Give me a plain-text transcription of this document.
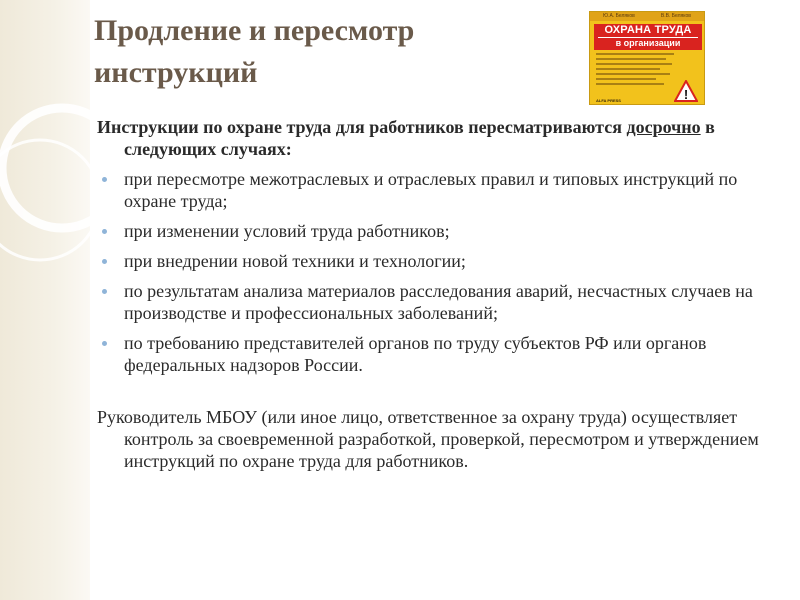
Продление и пересмотр инструкций
Ю.А. Беляков	В.В. Беляков
ОХРАНА ТРУДА
в организации
!
ALFA PRESS

Инструкции по охране труда для работников пересматриваются досрочно в следующих случаях:

при пересмотре межотраслевых и отраслевых правил и типовых инструкций по охране труда;
при изменении условий труда работников;
при внедрении новой техники и технологии;
по результатам анализа материалов расследования аварий, несчастных случаев на производстве и профессиональных заболеваний;
по требованию представителей органов по труду субъектов РФ или органов федеральных надзоров России.

Руководитель МБОУ (или иное лицо, ответственное за охрану труда) осуществляет контроль за своевременной разработкой, проверкой, пересмотром и утверждением инструкций по охране труда для работников.
